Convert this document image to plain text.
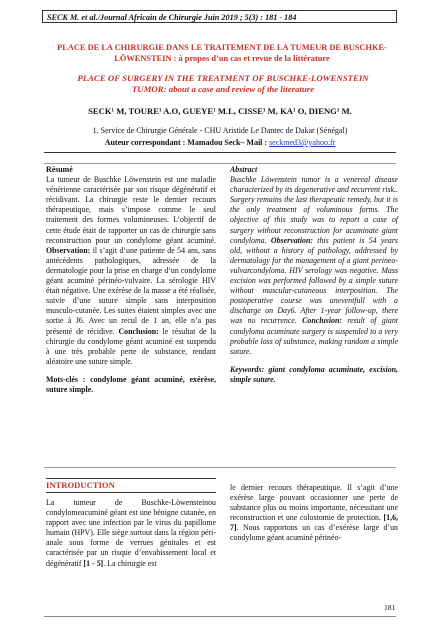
SECK M. et al./Journal Africain de Chirurgie Juin 2019 ; 5(3) : 181 - 184
PLACE DE LA CHIRURGIE DANS LE TRAITEMENT DE LA TUMEUR DE BUSCHKE-LÖWENSTEIN : à propos d’un cas et revue de la littérature
PLACE OF SURGERY IN THE TREATMENT OF BUSCHKE-LOWENSTEIN TUMOR: about a case and review of the literature
SECK¹ M, TOURE¹ A.O, GUEYE¹ M.L, CISSE¹ M, KA¹ O, DIENG¹ M.
1. Service de Chirurgie Générale - CHU Aristide Le Dantec de Dakar (Sénégal)
Auteur correspondant : Mamadou Seck– Mail : seckmed3@yahoo.fr
Résumé
La tumeur de Buschke Löwenstein est une maladie vénérienne caractérisée par son risque dégénératif et récidivant. La chirurgie reste le dernier recours thérapeutique, mais s’impose comme le seul traitement des formes volumineuses. L’objectif de cette étude était de rapporter un cas de chirurgie sans reconstruction pour un condylome géant acuminé. Observation: il s’agit d’une patiente de 54 ans, sans antécédents pathologiques, adressée de la dermatologie pour la prise en charge d’un condylome géant acuminé périnéo-vulvaire. La sérologie HIV était négative. Une exérèse de la masse a été réalisée, suivie d’une suture simple sans interposition musculo-cutanée. Les suites étaient simples avec une sortie à J6. Avec un recul de 1 an, elle n’a pas présenté de récidive. Conclusion: le résultat de la chirurgie du condylome géant acuminé est suspendu à une très probable perte de substance, rendant aléatoire une suture simple.
Mots-clés : condylome géant acuminé, exérèse, suture simple.
Abstract
Buschke Löwenstein tumor is a venereal disease characterized by its degenerative and recurrent risk.. Surgery remains the last therapeutic remedy, but it is the only treatment of voluminous forms. The objective of this study was to report a case of surgery without reconstruction for acuminate giant condyloma. Observation: this patient is 54 years old, without a history of pathology, addressed by dermatology for the management of a giant perineo-vulvarcondyloma. HIV serology was negative. Mass excision was performed followed by a simple suture without muscular-cutaneous interposition. The postoperative course was uneventfull with a discharge on Day6. After 1-year follow-up, there was no recurrence. Conclusion: result of giant condyloma acuminate surgery is suspended to a very probable loss of substance, making random a simple suture.
Keywords: giant condyloma acuminate, excision, simple suture.
INTRODUCTION
La tumeur de Buschke-Löwensteinou condylomeacuminé géant est une bénigne cutanée, en rapport avec une infection par le virus du papillome humain (HPV). Elle siège surtout dans la région péri-anale sous forme de verrues génitales et est caractérisée par un risque d’envahissement local et dégénératif [1 - 5]. La chirurgie est
le dernier recours thérapeutique. Il s’agit d’une exérèse large pouvant occasionner une perte de substance plus ou moins importante, nécessitant une reconstruction et une colostomie de protection. [1,6, 7]. Nous rapportons un cas d’exérèse large d’un condylome géant acuminé périnéo-
181
